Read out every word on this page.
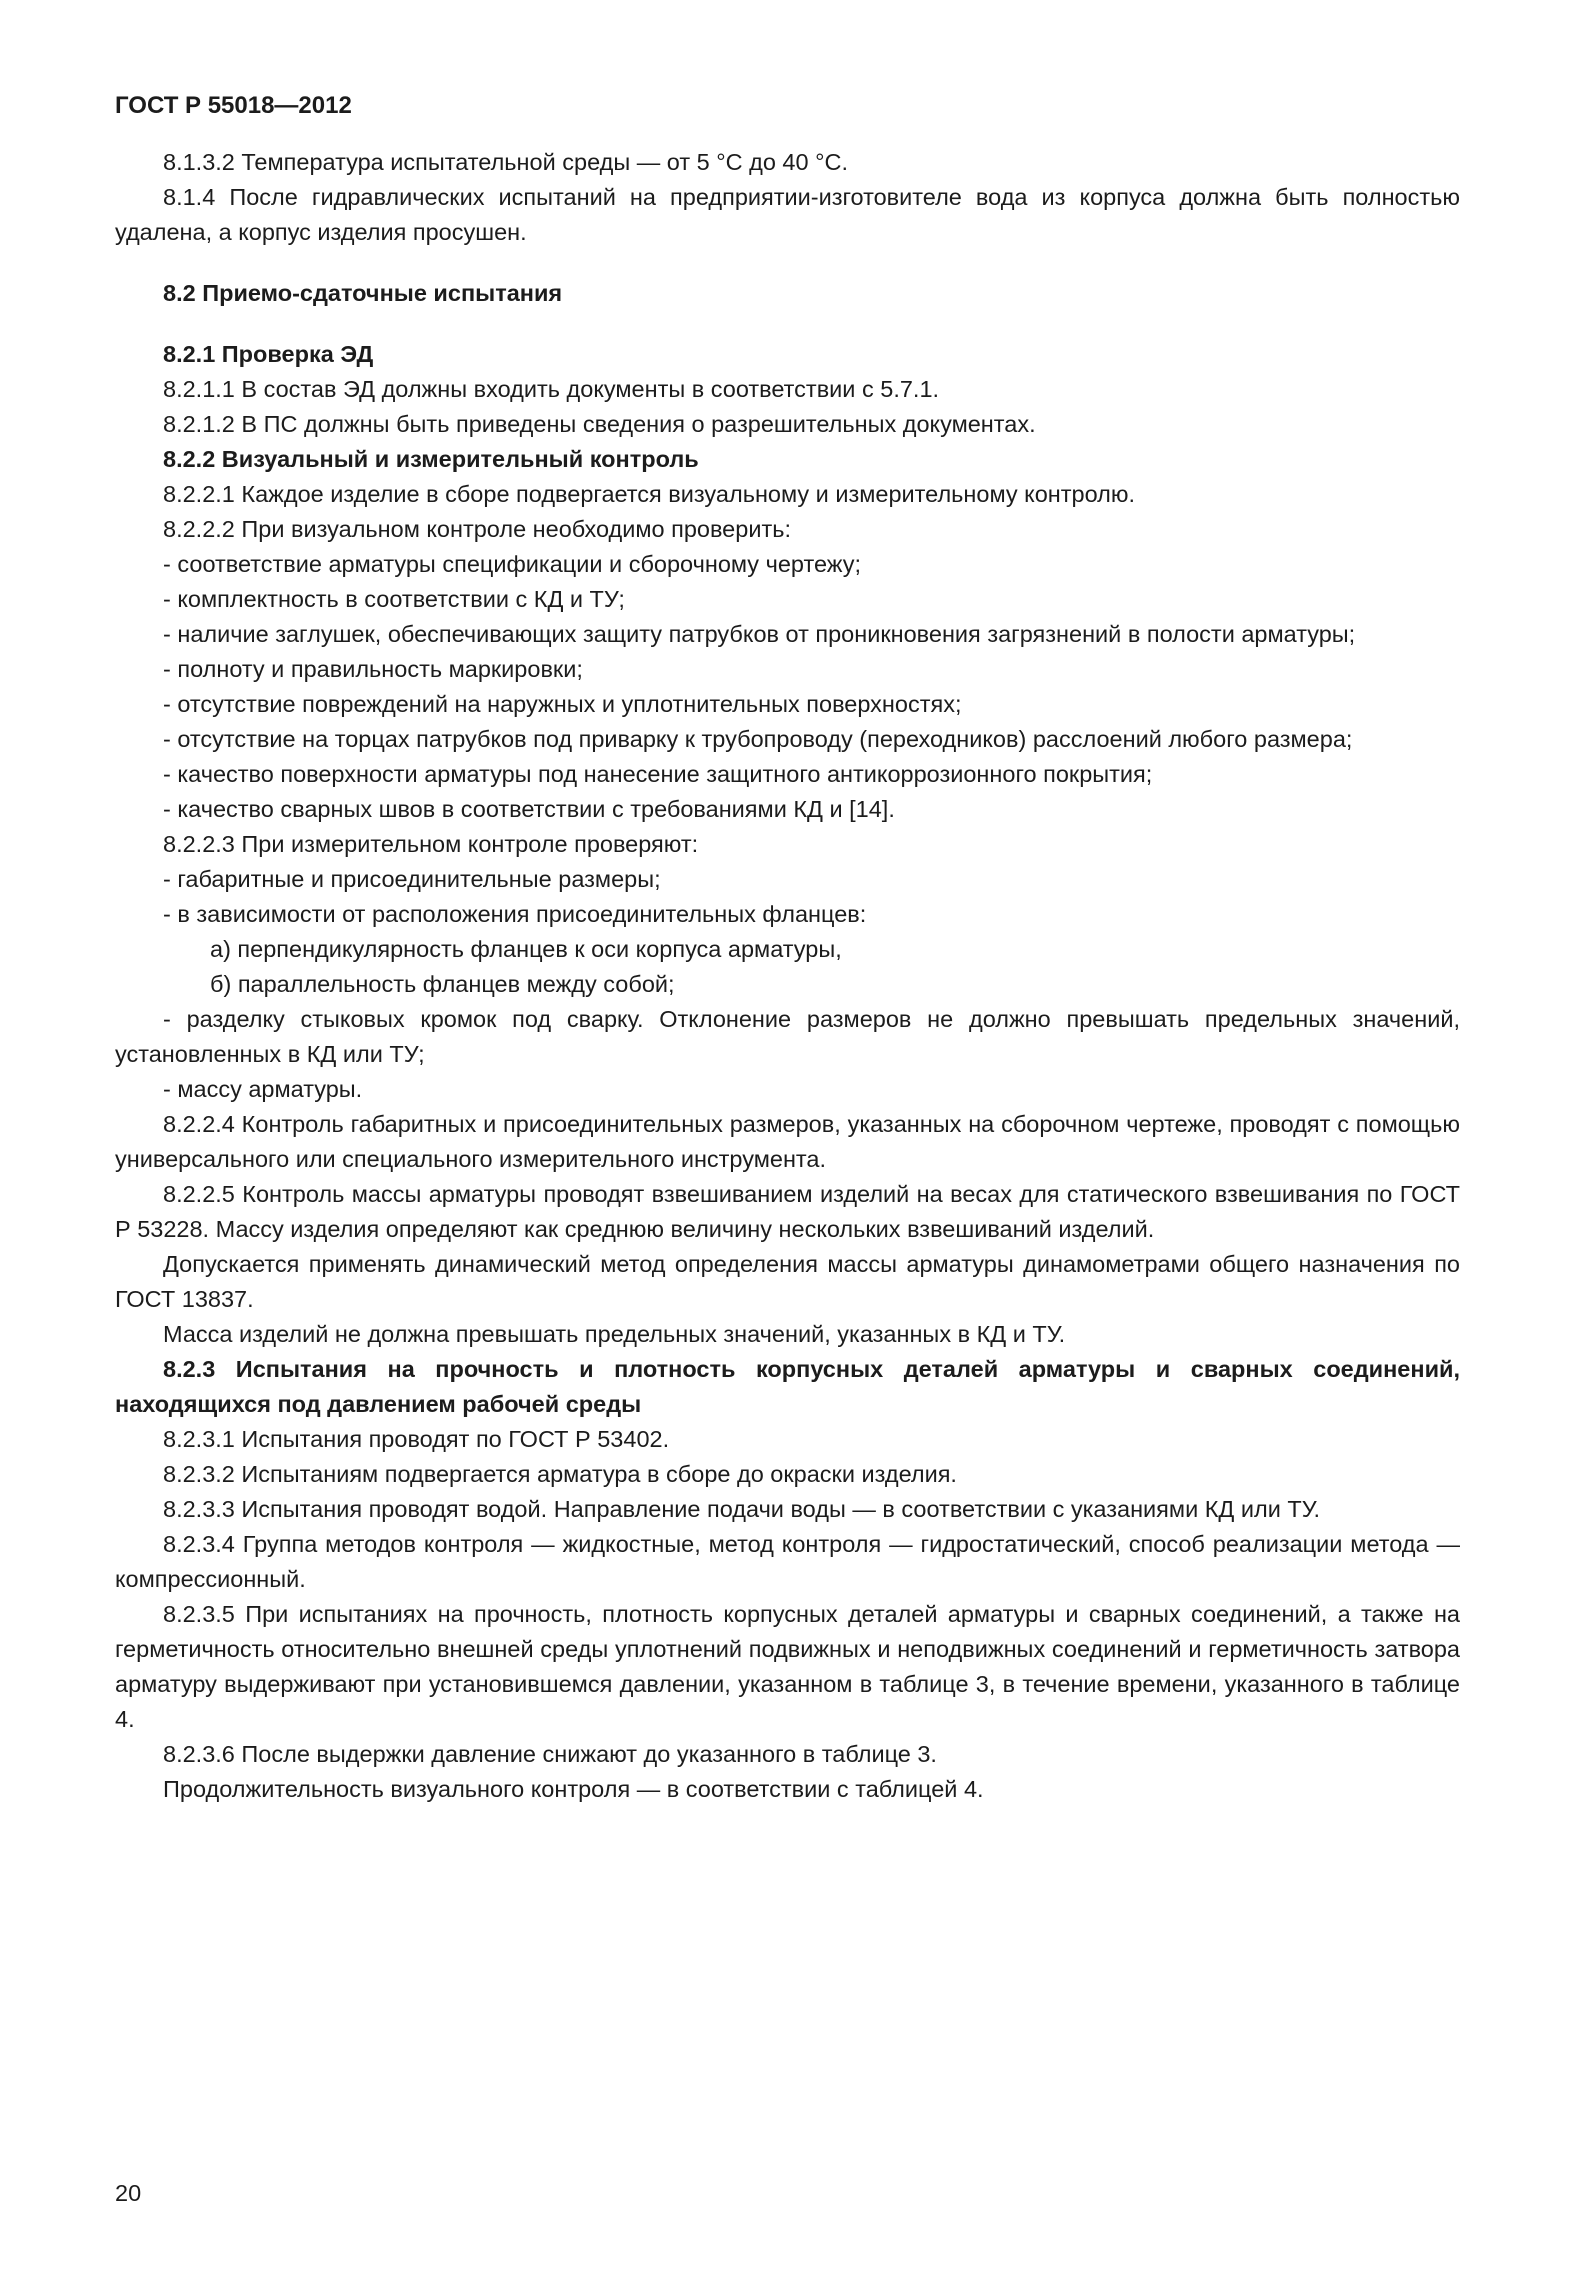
ГОСТ Р 55018—2012

8.1.3.2 Температура испытательной среды — от 5 °С до 40 °С.

8.1.4 После гидравлических испытаний на предприятии-изготовителе вода из корпуса должна быть полностью удалена, а корпус изделия просушен.

8.2 Приемо-сдаточные испытания

8.2.1 Проверка ЭД

8.2.1.1 В состав ЭД должны входить документы в соответствии с 5.7.1.

8.2.1.2 В ПС должны быть приведены сведения о разрешительных документах.

8.2.2 Визуальный и измерительный контроль

8.2.2.1 Каждое изделие в сборе подвергается визуальному и измерительному контролю.

8.2.2.2 При визуальном контроле необходимо проверить:

- соответствие арматуры спецификации и сборочному чертежу;

- комплектность в соответствии с КД и ТУ;

- наличие заглушек, обеспечивающих защиту патрубков от проникновения загрязнений в полости арматуры;

- полноту и правильность маркировки;

- отсутствие повреждений на наружных и уплотнительных поверхностях;

- отсутствие на торцах патрубков под приварку к трубопроводу (переходников) расслоений любого размера;

- качество поверхности арматуры под нанесение защитного антикоррозионного покрытия;

- качество сварных швов в соответствии с требованиями КД и [14].

8.2.2.3 При измерительном контроле проверяют:

- габаритные и присоединительные размеры;

- в зависимости от расположения присоединительных фланцев:

а) перпендикулярность фланцев к оси корпуса арматуры,

б) параллельность фланцев между собой;

- разделку стыковых кромок под сварку. Отклонение размеров не должно превышать предельных значений, установленных в КД или ТУ;

- массу арматуры.

8.2.2.4 Контроль габаритных и присоединительных размеров, указанных на сборочном чертеже, проводят с помощью универсального или специального измерительного инструмента.

8.2.2.5 Контроль массы арматуры проводят взвешиванием изделий на весах для статического взвешивания по ГОСТ Р 53228. Массу изделия определяют как среднюю величину нескольких взвешиваний изделий.

Допускается применять динамический метод определения массы арматуры динамометрами общего назначения по ГОСТ 13837.

Масса изделий не должна превышать предельных значений, указанных в КД и ТУ.

8.2.3 Испытания на прочность и плотность корпусных деталей арматуры и сварных соединений, находящихся под давлением рабочей среды

8.2.3.1 Испытания проводят по ГОСТ Р 53402.

8.2.3.2 Испытаниям подвергается арматура в сборе до окраски изделия.

8.2.3.3 Испытания проводят водой. Направление подачи воды — в соответствии с указаниями КД или ТУ.

8.2.3.4 Группа методов контроля — жидкостные, метод контроля — гидростатический, способ реализации метода — компрессионный.

8.2.3.5 При испытаниях на прочность, плотность корпусных деталей арматуры и сварных соединений, а также на герметичность относительно внешней среды уплотнений подвижных и неподвижных соединений и герметичность затвора арматуру выдерживают при установившемся давлении, указанном в таблице 3, в течение времени, указанного в таблице 4.

8.2.3.6 После выдержки давление снижают до указанного в таблице 3.

Продолжительность визуального контроля — в соответствии с таблицей 4.

20
